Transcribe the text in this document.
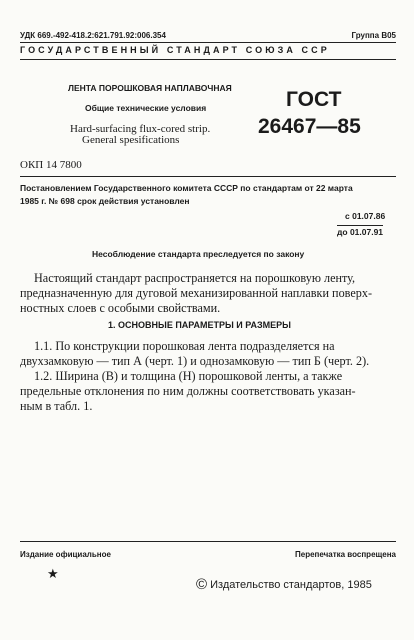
УДК 669.-492-418.2:621.791.92:006.354	Группа В05
ГОСУДАРСТВЕННЫЙ СТАНДАРТ СОЮЗА ССР
ЛЕНТА ПОРОШКОВАЯ НАПЛАВОЧНАЯ
Общие технические условия
Hard-surfacing flux-cored strip.
General spesifications
ГОСТ
26467—85
ОКП 14 7800
Постановлением Государственного комитета СССР по стандартам от 22 марта
1985 г. № 698 срок действия установлен
с 01.07.86
до 01.07.91
Несоблюдение стандарта преследуется по закону
Настоящий стандарт распространяется на порошковую ленту,
предназначенную для дуговой механизированной наплавки поверх-
ностных слоев с особыми свойствами.
1. ОСНОВНЫЕ ПАРАМЕТРЫ И РАЗМЕРЫ
1.1. По конструкции порошковая лента подразделяется на
двухзамковую — тип А (черт. 1) и однозамковую — тип Б (черт. 2).
1.2. Ширина (B) и толщина (H) порошковой ленты, а также
предельные отклонения по ним должны соответствовать указан-
ным в табл. 1.
Издание официальное	Перепечатка воспрещена
★
© Издательство стандартов, 1985
